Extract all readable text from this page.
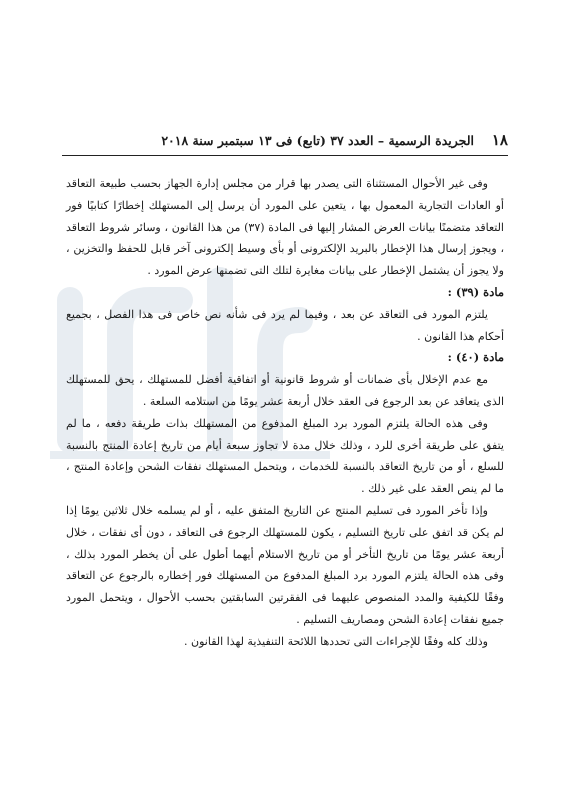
١٨
الجريدة الرسمية – العدد ٣٧ (تابع) فى ١٣ سبتمبر سنة ٢٠١٨

وفى غير الأحوال المستثناة التى يصدر بها قرار من مجلس إدارة الجهاز بحسب طبيعة التعاقد أو العادات التجارية المعمول بها ، يتعين على المورد أن يرسل إلى المستهلك إخطارًا كتابيًا فور التعاقد متضمنًا بيانات العرض المشار إليها فى المادة (٣٧) من هذا القانون ، وسائر شروط التعاقد ، ويجوز إرسال هذا الإخطار بالبريد الإلكترونى أو بأى وسيط إلكترونى آخر قابل للحفظ والتخزين ، ولا يجوز أن يشتمل الإخطار على بيانات مغايرة لتلك التى تضمنها عرض المورد .

مادة (٣٩) :

يلتزم المورد فى التعاقد عن بعد ، وفيما لم يرد فى شأنه نص خاص فى هذا الفصل ، بجميع أحكام هذا القانون .

مادة (٤٠) :

مع عدم الإخلال بأى ضمانات أو شروط قانونية أو اتفاقية أفضل للمستهلك ، يحق للمستهلك الذى يتعاقد عن بعد الرجوع فى العقد خلال أربعة عشر يومًا من استلامه السلعة .

وفى هذه الحالة يلتزم المورد برد المبلغ المدفوع من المستهلك بذات طريقة دفعه ، ما لم يتفق على طريقة أخرى للرد ، وذلك خلال مدة لا تجاوز سبعة أيام من تاريخ إعادة المنتج بالنسبة للسلع ، أو من تاريخ التعاقد بالنسبة للخدمات ، ويتحمل المستهلك نفقات الشحن وإعادة المنتج ، ما لم ينص العقد على غير ذلك .

وإذا تأخر المورد فى تسليم المنتج عن التاريخ المتفق عليه ، أو لم يسلمه خلال ثلاثين يومًا إذا لم يكن قد اتفق على تاريخ التسليم ، يكون للمستهلك الرجوع فى التعاقد ، دون أى نفقات ، خلال أربعة عشر يومًا من تاريخ التأخر أو من تاريخ الاستلام أيهما أطول على أن يخطر المورد بذلك ، وفى هذه الحالة يلتزم المورد برد المبلغ المدفوع من المستهلك فور إخطاره بالرجوع عن التعاقد وفقًا للكيفية والمدد المنصوص عليهما فى الفقرتين السابقتين بحسب الأحوال ، ويتحمل المورد جميع نفقات إعادة الشحن ومصاريف التسليم .

وذلك كله وفقًا للإجراءات التى تحددها اللائحة التنفيذية لهذا القانون .
